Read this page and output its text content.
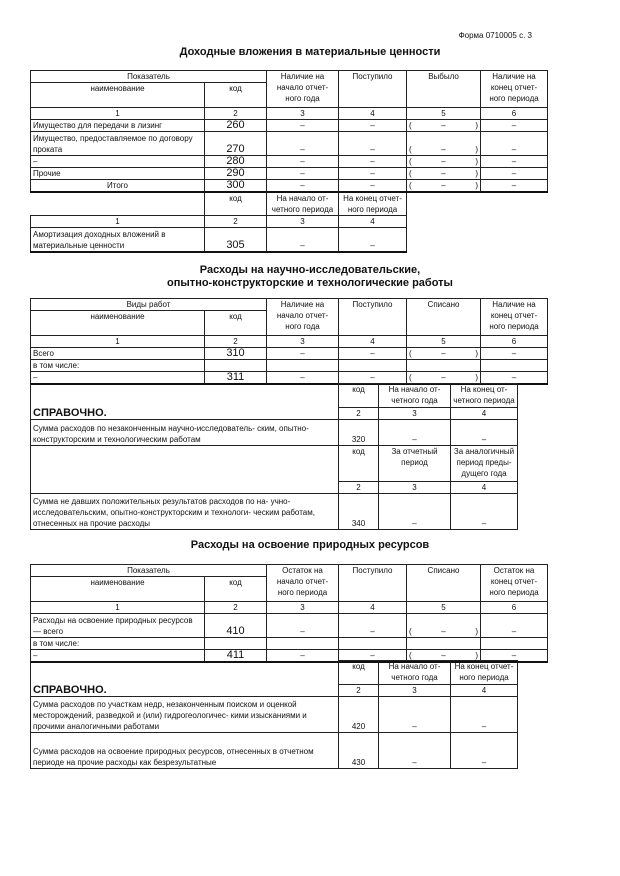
Форма 0710005 с. 3
Доходные вложения в материальные ценности
Показатель		Наличие на начало отчет- ного года	Поступило	Выбыло	Наличие на конец отчет- ного периода
наименование	код				
1	2	3	4	5	6
Имущество для передачи в лизинг	260	–	–	( – )	–
Имущество, предоставляемое по договору проката	270	–	–	( – )	–
–	280	–	–	( – )	–
Прочие	290	–	–	( – )	–
Итого	300	–	–	( – )	–
	код	На начало от- четного периода	На конец отчет- ного периода		
1	2	3	4		
Амортизация доходных вложений в материальные ценности	305	–	–		
Расходы на научно-исследовательские,
опытно-конструкторские и технологические работы
Виды работ		Наличие на начало отчет- ного года	Поступило	Списано	Наличие на конец отчет- ного периода
наименование	код				
1	2	3	4	5	6
Всего	310	–	–	( – )	–
в том числе:					
–	311	–	–	( – )	–
	код	На начало от- четного года	На конец от- четного периода
СПРАВОЧНО.	2	3	4
Сумма расходов по незаконченным научно-исследователь- ским, опытно-конструкторским и технологическим работам	320	–	–
	код	За отчетный период	За аналогичный период преды- дущего года
	2	3	4
Сумма не давших положительных результатов расходов по на- учно-исследовательским, опытно-конструкторским и технологи- ческим работам, отнесенных на прочие расходы	340	–	–
Расходы на освоение природных ресурсов
Показатель		Остаток на начало отчет- ного периода	Поступило	Списано	Остаток на конец отчет- ного периода
наименование	код				
1	2	3	4	5	6
Расходы на освоение природных ресурсов — всего	410	–	–	( – )	–
в том числе:					
–	411	–	–	( – )	–
	код	На начало от- четного года	На конец отчет- ного периода
СПРАВОЧНО.	2	3	4
Сумма расходов по участкам недр, незаконченным поиском и оценкой месторождений, разведкой и (или) гидрогеологичес- кими изысканиями и прочими аналогичными работами	420	–	–
Сумма расходов на освоение природных ресурсов, отнесенных в отчетном периоде на прочие расходы как безрезультатные	430	–	–
